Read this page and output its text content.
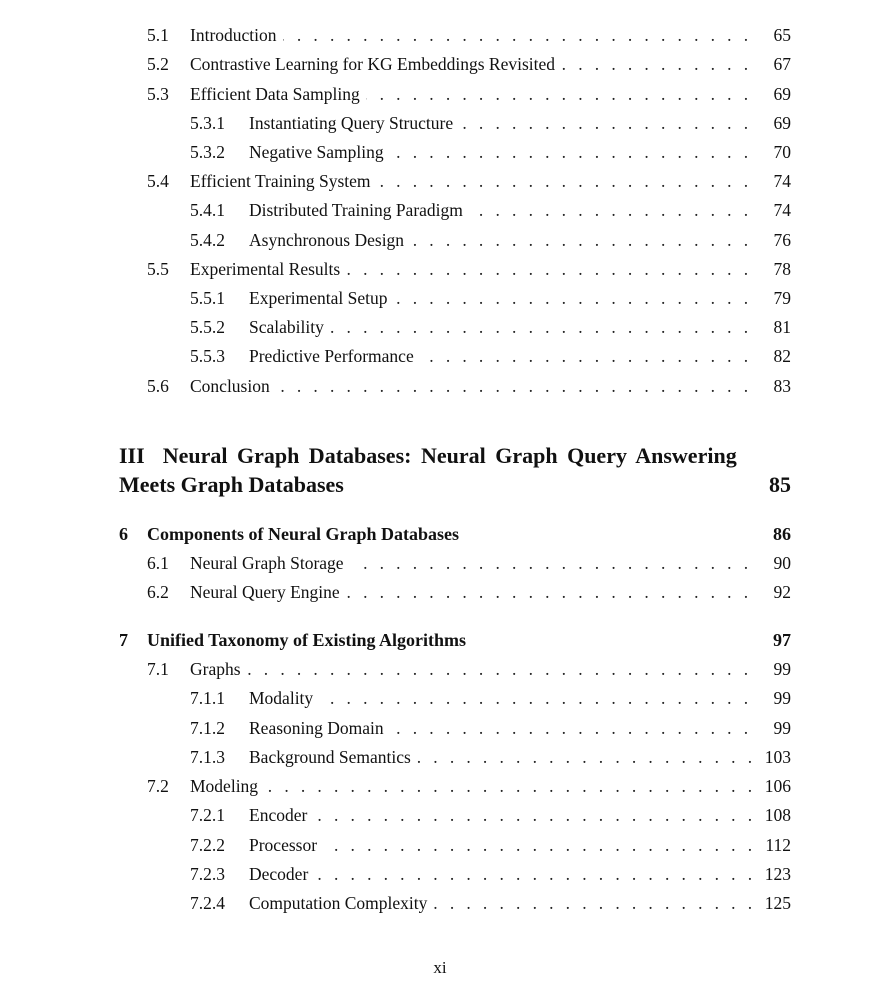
5.1 Introduction . . .	65
5.2 Contrastive Learning for KG Embeddings Revisited . . .	67
5.3 Efficient Data Sampling . . .	69
5.3.1 Instantiating Query Structure . . .	69
5.3.2 Negative Sampling . . .	70
5.4 Efficient Training System . . .	74
5.4.1 Distributed Training Paradigm . . .	74
5.4.2 Asynchronous Design . . .	76
5.5 Experimental Results . . .	78
5.5.1 Experimental Setup . . .	79
5.5.2 Scalability . . .	81
5.5.3 Predictive Performance . . .	82
5.6 Conclusion . . .	83
III Neural Graph Databases: Neural Graph Query Answering
Meets Graph Databases	85
6 Components of Neural Graph Databases	86
6.1 Neural Graph Storage . . .	90
6.2 Neural Query Engine . . .	92
7 Unified Taxonomy of Existing Algorithms	97
7.1 Graphs . . .	99
7.1.1 Modality . . .	99
7.1.2 Reasoning Domain . . .	99
7.1.3 Background Semantics . . .	103
7.2 Modeling . . .	106
7.2.1 Encoder . . .	108
7.2.2 Processor . . .	112
7.2.3 Decoder . . .	123
7.2.4 Computation Complexity . . .	125
xi
